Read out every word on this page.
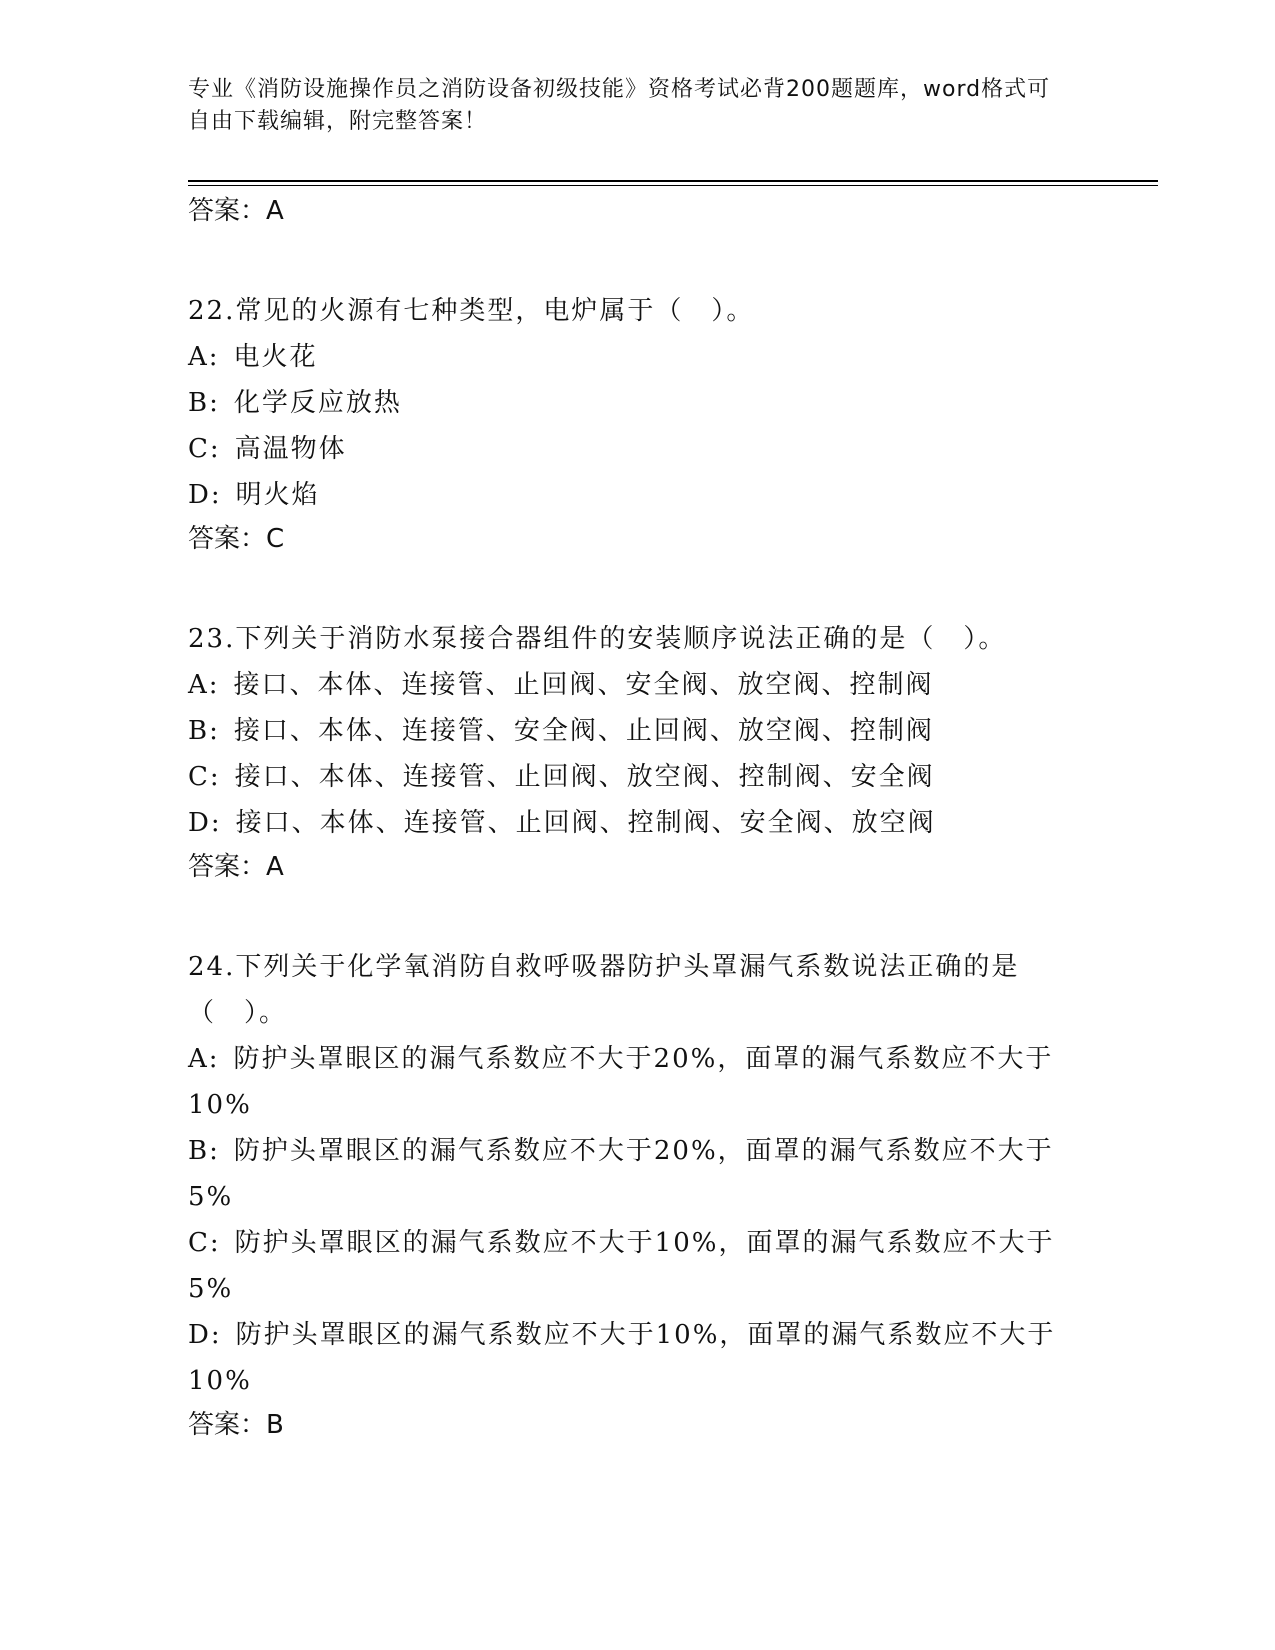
专业《消防设施操作员之消防设备初级技能》资格考试必背200题题库，word格式可自由下载编辑，附完整答案！

答案：A

22.常见的火源有七种类型，电炉属于（　）。

A: 电火花

B: 化学反应放热

C: 高温物体

D: 明火焰

答案：C

23.下列关于消防水泵接合器组件的安装顺序说法正确的是（　）。

A: 接口、本体、连接管、止回阀、安全阀、放空阀、控制阀

B: 接口、本体、连接管、安全阀、止回阀、放空阀、控制阀

C: 接口、本体、连接管、止回阀、放空阀、控制阀、安全阀

D: 接口、本体、连接管、止回阀、控制阀、安全阀、放空阀

答案：A

24.下列关于化学氧消防自救呼吸器防护头罩漏气系数说法正确的是（　）。

A: 防护头罩眼区的漏气系数应不大于20%，面罩的漏气系数应不大于10%

B: 防护头罩眼区的漏气系数应不大于20%，面罩的漏气系数应不大于5%

C: 防护头罩眼区的漏气系数应不大于10%，面罩的漏气系数应不大于5%

D: 防护头罩眼区的漏气系数应不大于10%，面罩的漏气系数应不大于10%

答案：B
